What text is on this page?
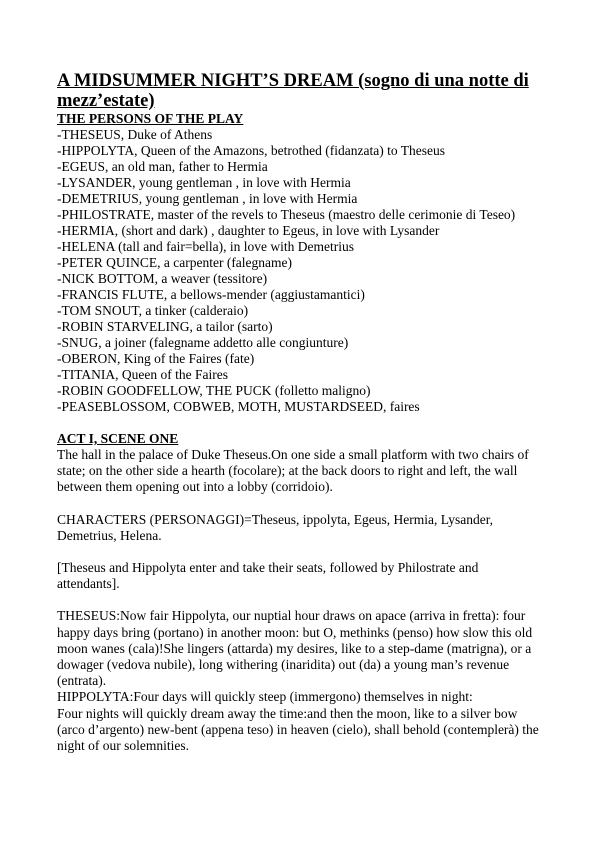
A MIDSUMMER NIGHT’S DREAM (sogno di una notte di mezz’estate)
THE PERSONS OF THE PLAY
-THESEUS, Duke of Athens
-HIPPOLYTA, Queen of the Amazons, betrothed (fidanzata) to Theseus
-EGEUS, an old man, father to Hermia
-LYSANDER, young gentleman , in love with Hermia
-DEMETRIUS, young gentleman , in love with Hermia
-PHILOSTRATE, master of the revels to Theseus (maestro delle cerimonie di Teseo)
-HERMIA, (short and dark) , daughter to Egeus, in love with Lysander
-HELENA (tall and fair=bella), in love with Demetrius
-PETER QUINCE, a carpenter (falegname)
-NICK BOTTOM, a weaver (tessitore)
-FRANCIS FLUTE, a bellows-mender (aggiustamantici)
-TOM SNOUT, a tinker (calderaio)
-ROBIN STARVELING, a tailor (sarto)
-SNUG, a joiner (falegname addetto alle congiunture)
-OBERON, King of the Faires (fate)
-TITANIA, Queen of the Faires
-ROBIN GOODFELLOW, THE PUCK (folletto maligno)
-PEASEBLOSSOM, COBWEB, MOTH, MUSTARDSEED, faires
ACT I, SCENE ONE
The hall in the palace of Duke Theseus.On one side a small platform with two chairs of state; on the other side a hearth (focolare); at the back doors to right and left, the wall between them opening out into a lobby (corridoio).
CHARACTERS (PERSONAGGI)=Theseus, ippolyta, Egeus, Hermia, Lysander, Demetrius, Helena.
[Theseus and Hippolyta enter and take their seats, followed by Philostrate and attendants].
THESEUS:Now fair Hippolyta, our nuptial hour draws on apace (arriva in fretta): four happy days bring (portano) in another moon: but O, methinks (penso) how slow this old moon wanes (cala)!She lingers (attarda) my desires, like to a step-dame (matrigna), or a dowager (vedova nubile), long withering (inaridita) out (da) a young man’s revenue (entrata).
HIPPOLYTA:Four days will quickly steep (immergono) themselves in night:
Four nights will quickly dream away the time:and then the moon, like to a silver bow (arco d’argento) new-bent (appena teso) in heaven (cielo), shall behold (contemplerà) the night of our solemnities.
